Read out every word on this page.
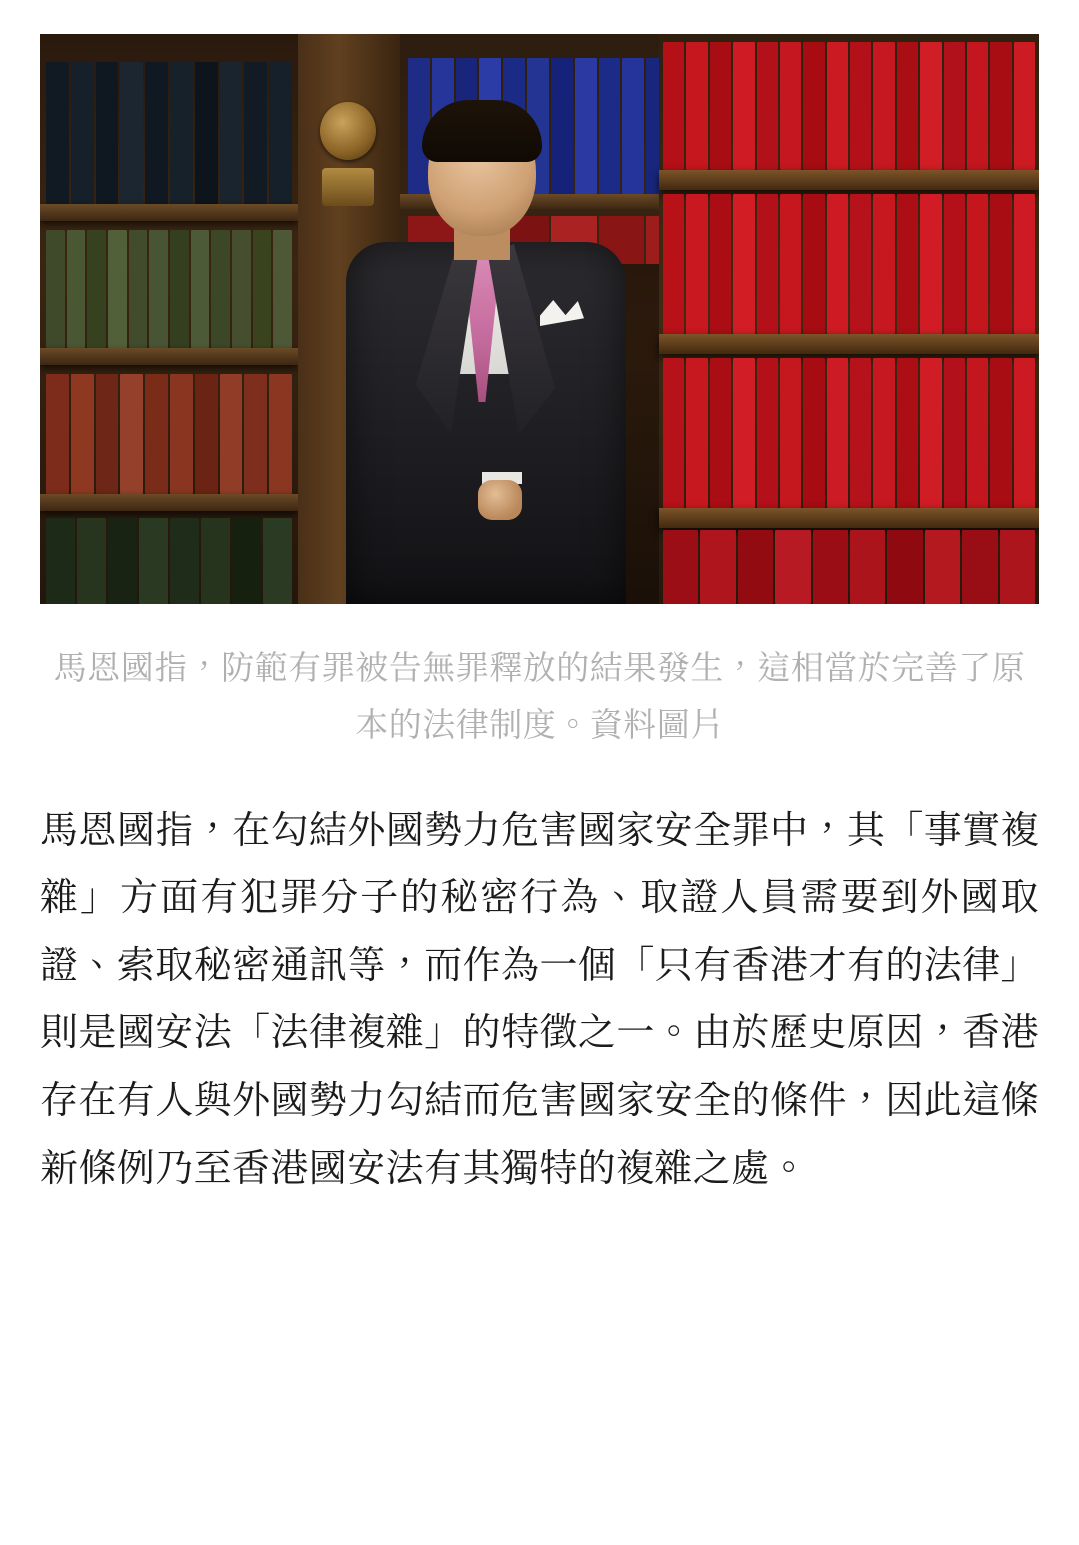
馬恩國指，防範有罪被告無罪釋放的結果發生，這相當於完善了原本的法律制度。資料圖片

馬恩國指，在勾結外國勢力危害國家安全罪中，其「事實複雜」方面有犯罪分子的秘密行為、取證人員需要到外國取證、索取秘密通訊等，而作為一個「只有香港才有的法律」則是國安法「法律複雜」的特徵之一。由於歷史原因，香港存在有人與外國勢力勾結而危害國家安全的條件，因此這條新條例乃至香港國安法有其獨特的複雜之處。
